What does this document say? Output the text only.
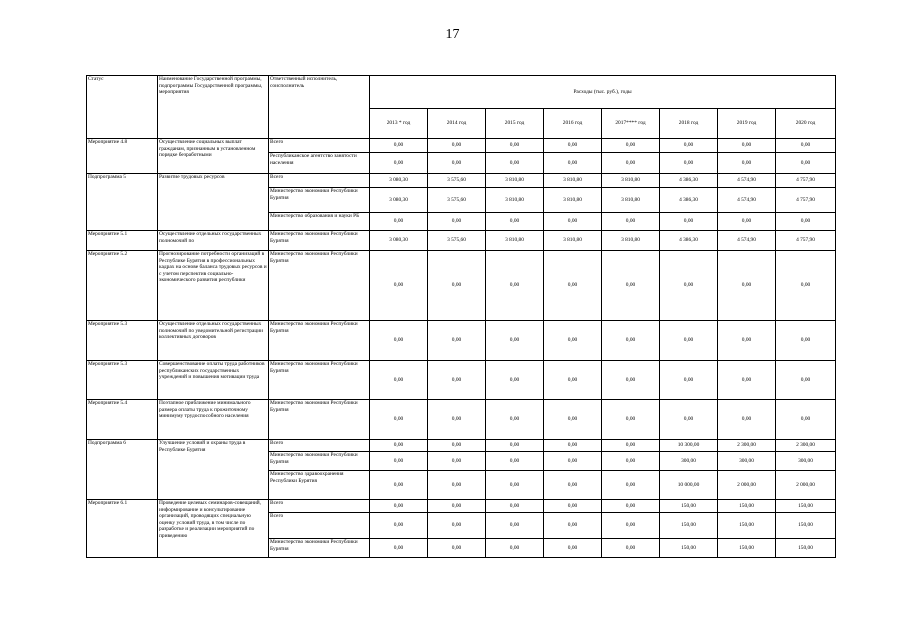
17
Статус	Наименование Государственной программы, подпрограммы Государственной программы, мероприятия	Ответственный исполнитель, соисполнитель	Расходы (тыс. руб.), годы							
			2013 * год	2014 год	2015 год	2016 год	2017**** год	2018 год	2019 год	2020 год
Мероприятие 4.8	Осуществление социальных выплат гражданам, признанным в установленном порядке безработными	Всего	0,00	0,00	0,00	0,00	0,00	0,00	0,00	0,00
		Республиканское агентство занятости населения	0,00	0,00	0,00	0,00	0,00	0,00	0,00	0,00
Подпрограмма 5	Развитие трудовых ресурсов	Всего	3 080,30	3 575,60	3 810,80	3 810,80	3 810,80	4 386,30	4 574,90	4 757,90
		Министерство экономики Республики Бурятия	3 080,30	3 575,60	3 810,80	3 810,80	3 810,80	4 386,30	4 574,90	4 757,90
		Министерство образования и науки РБ	0,00	0,00	0,00	0,00	0,00	0,00	0,00	0,00
Мероприятие 5.1	Осуществление отдельных государственных полномочий по	Министерство экономики Республики Бурятия	3 080,30	3 575,60	3 810,80	3 810,80	3 810,80	4 386,30	4 574,90	4 757,90
Мероприятие 5.2	Прогнозирование потребности организаций в Республике Бурятия в профессиональных кадрах на основе баланса трудовых ресурсов и с учетом перспектив социально-экономического развития республики	Министерство экономики Республики Бурятия	0,00	0,00	0,00	0,00	0,00	0,00	0,00	0,00
Мероприятие 5.3	Осуществление отдельных государственных полномочий по уведомительной регистрации коллективных договоров	Министерство экономики Республики Бурятия	0,00	0,00	0,00	0,00	0,00	0,00	0,00	0,00
Мероприятие 5.3	Совершенствование оплаты труда работников республиканских государственных учреждений и повышения мотивации труда	Министерство экономики Республики Бурятия	0,00	0,00	0,00	0,00	0,00	0,00	0,00	0,00
Мероприятие 5.4	Поэтапное приближение минимального размера оплаты труда к прожиточному минимуму трудоспособного населения	Министерство экономики Республики Бурятия	0,00	0,00	0,00	0,00	0,00	0,00	0,00	0,00
Подпрограмма 6	Улучшение условий и охраны труда в Республике Бурятия	Всего	0,00	0,00	0,00	0,00	0,00	10 300,00	2 300,00	2 300,00
		Министерство экономики Республики Бурятия	0,00	0,00	0,00	0,00	0,00	300,00	300,00	300,00
		Министерство здравоохранения Республики Бурятия	0,00	0,00	0,00	0,00	0,00	10 000,00	2 000,00	2 000,00
Мероприятие 6.1	Проведение целевых семинаров-совещаний, информирование и консультирование организаций, проводящих специальную оценку условий труда, в том числе по разработке и реализации мероприятий по приведению	Всего	0,00	0,00	0,00	0,00	0,00	150,00	150,00	150,00
		Всего	0,00	0,00	0,00	0,00	0,00	150,00	150,00	150,00
		Министерство экономики Республики Бурятия	0,00	0,00	0,00	0,00	0,00	150,00	150,00	150,00
